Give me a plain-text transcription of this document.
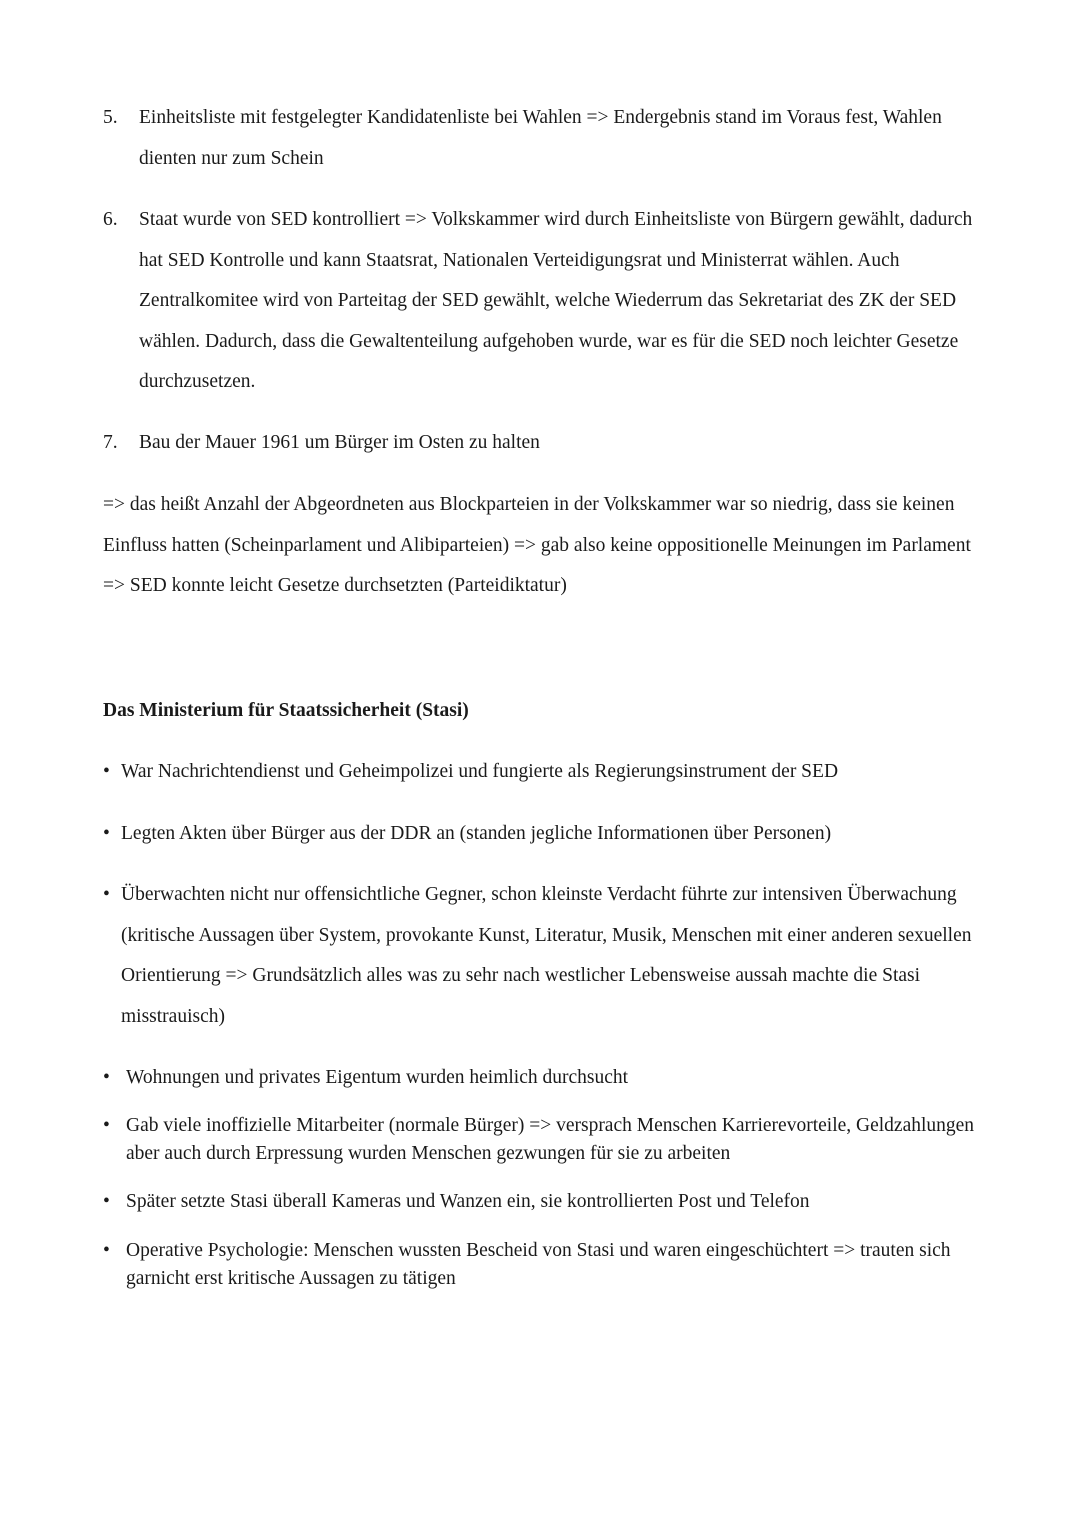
5.	Einheitsliste mit festgelegter Kandidatenliste bei Wahlen => Endergebnis stand im Voraus fest, Wahlen dienten nur zum Schein
6.	Staat wurde von SED kontrolliert => Volkskammer wird durch Einheitsliste von Bürgern gewählt, dadurch hat SED Kontrolle und kann Staatsrat, Nationalen Verteidigungsrat und Ministerrat wählen. Auch Zentralkomitee wird von Parteitag der SED gewählt, welche Wiederrum das Sekretariat des ZK der SED wählen. Dadurch, dass die Gewaltenteilung aufgehoben wurde, war es für die SED noch leichter Gesetze durchzusetzen.
7.	Bau der Mauer 1961 um Bürger im Osten zu halten
=> das heißt Anzahl der Abgeordneten aus Blockparteien in der Volkskammer war so niedrig, dass sie keinen Einfluss hatten (Scheinparlament und Alibiparteien) => gab also keine oppositionelle Meinungen im Parlament => SED konnte leicht Gesetze durchsetzten (Parteidiktatur)
Das Ministerium für Staatssicherheit (Stasi)
• War Nachrichtendienst und Geheimpolizei und fungierte als Regierungsinstrument der SED
• Legten Akten über Bürger aus der DDR an (standen jegliche Informationen über Personen)
• Überwachten nicht nur offensichtliche Gegner, schon kleinste Verdacht führte zur intensiven Überwachung (kritische Aussagen über System, provokante Kunst, Literatur, Musik, Menschen mit einer anderen sexuellen Orientierung => Grundsätzlich alles was zu sehr nach westlicher Lebensweise aussah machte die Stasi misstrauisch)
• Wohnungen und privates Eigentum wurden heimlich durchsucht
• Gab viele inoffizielle Mitarbeiter (normale Bürger) => versprach Menschen Karrierevorteile, Geldzahlungen aber auch durch Erpressung wurden Menschen gezwungen für sie zu arbeiten
• Später setzte Stasi überall Kameras und Wanzen ein, sie kontrollierten Post und Telefon
• Operative Psychologie: Menschen wussten Bescheid von Stasi und waren eingeschüchtert => trauten sich garnicht erst kritische Aussagen zu tätigen
